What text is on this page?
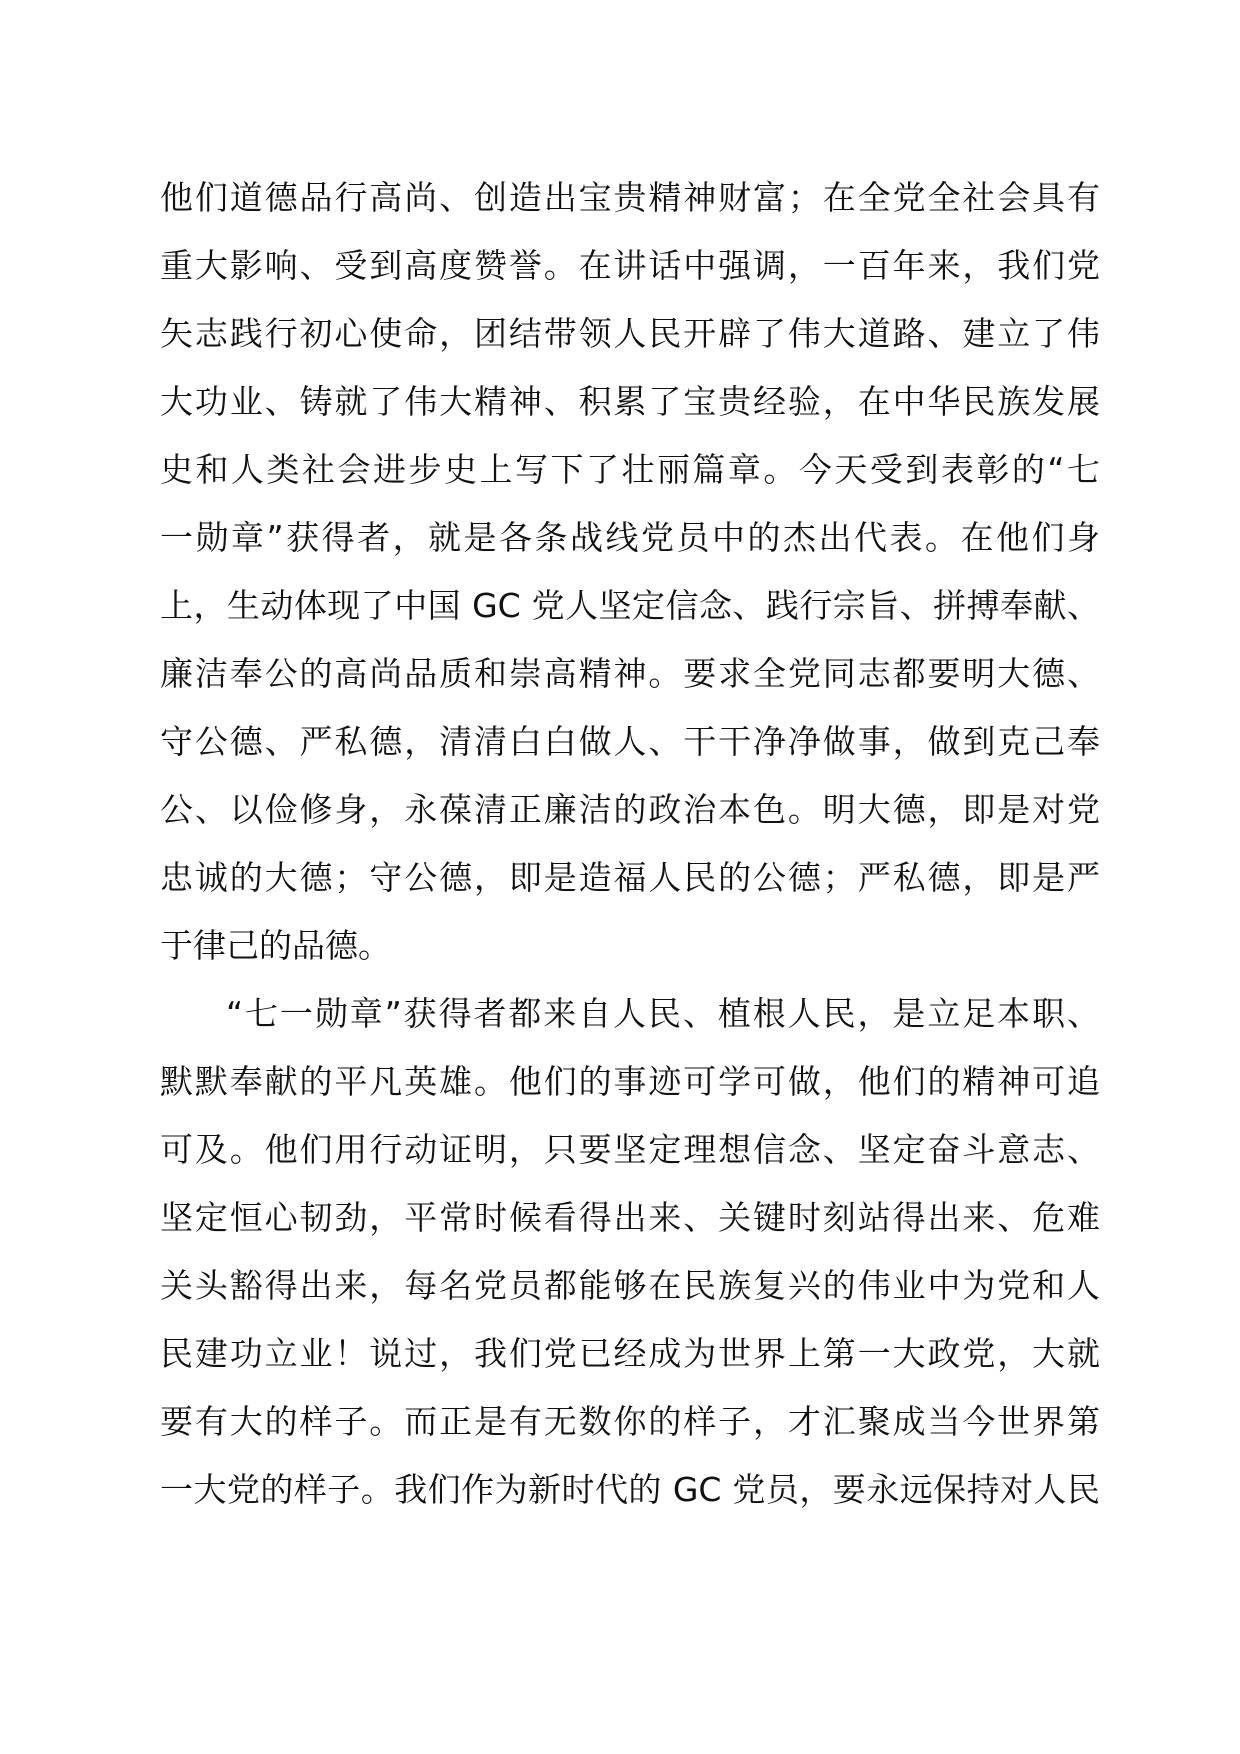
他们道德品行高尚、创造出宝贵精神财富；在全党全社会具有
重大影响、受到高度赞誉。在讲话中强调，一百年来，我们党
矢志践行初心使命，团结带领人民开辟了伟大道路、建立了伟
大功业、铸就了伟大精神、积累了宝贵经验，在中华民族发展
史和人类社会进步史上写下了壮丽篇章。今天受到表彰的“七
一勋章”获得者，就是各条战线党员中的杰出代表。在他们身
上，生动体现了中国 GC 党人坚定信念、践行宗旨、拼搏奉献、
廉洁奉公的高尚品质和崇高精神。要求全党同志都要明大德、
守公德、严私德，清清白白做人、干干净净做事，做到克己奉
公、以俭修身，永葆清正廉洁的政治本色。明大德，即是对党
忠诚的大德；守公德，即是造福人民的公德；严私德，即是严
于律己的品德。
“七一勋章”获得者都来自人民、植根人民，是立足本职、
默默奉献的平凡英雄。他们的事迹可学可做，他们的精神可追
可及。他们用行动证明，只要坚定理想信念、坚定奋斗意志、
坚定恒心韧劲，平常时候看得出来、关键时刻站得出来、危难
关头豁得出来，每名党员都能够在民族复兴的伟业中为党和人
民建功立业！说过，我们党已经成为世界上第一大政党，大就
要有大的样子。而正是有无数你的样子，才汇聚成当今世界第
一大党的样子。我们作为新时代的 GC 党员，要永远保持对人民
